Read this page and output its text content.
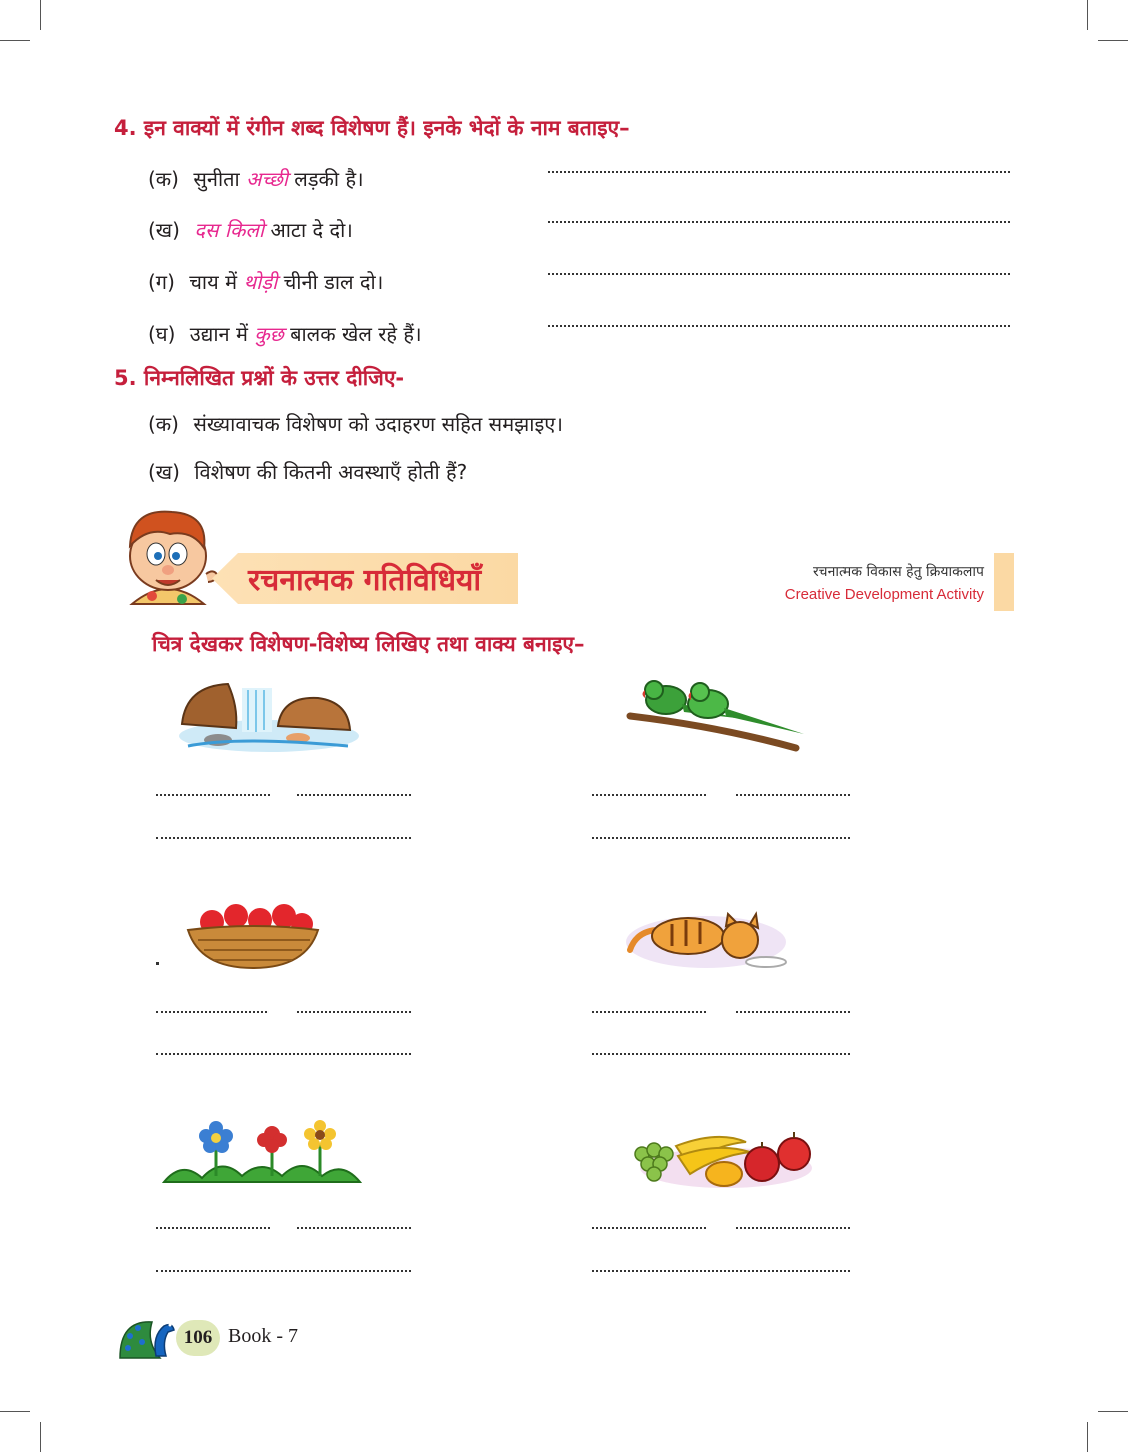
4. इन वाक्यों में रंगीन शब्द विशेषण हैं। इनके भेदों के नाम बताइए–
(क) सुनीता अच्छी लड़की है।
(ख) दस किलो आटा दे दो।
(ग) चाय में थोड़ी चीनी डाल दो।
(घ) उद्यान में कुछ बालक खेल रहे हैं।
5. निम्नलिखित प्रश्नों के उत्तर दीजिए-
(क) संख्यावाचक विशेषण को उदाहरण सहित समझाइए।
(ख) विशेषण की कितनी अवस्थाएँ होती हैं?
रचनात्मक गतिविधियाँ	रचनात्मक विकास हेतु क्रियाकलाप
Creative Development Activity
चित्र देखकर विशेषण-विशेष्य लिखिए तथा वाक्य बनाइए–
106 Book - 7
